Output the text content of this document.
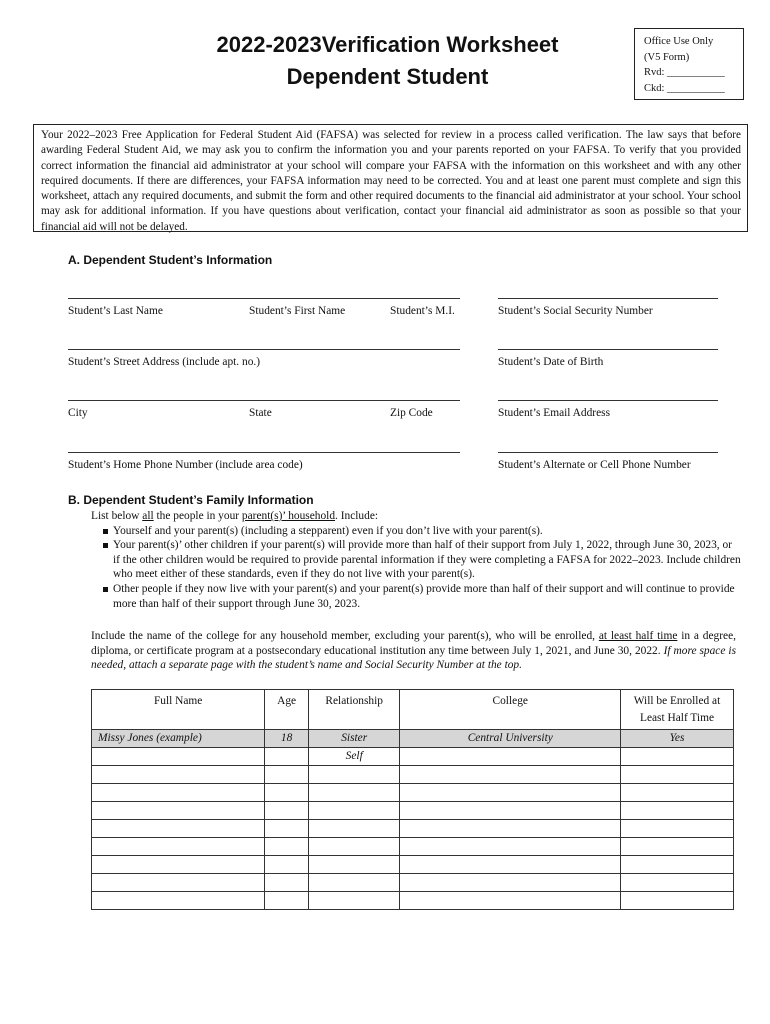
2022-2023Verification Worksheet
Dependent Student
Office Use Only
(V5 Form)
Rvd: ___________
Ckd: ___________
Your 2022–2023 Free Application for Federal Student Aid (FAFSA) was selected for review in a process called verification. The law says that before awarding Federal Student Aid, we may ask you to confirm the information you and your parents reported on your FAFSA. To verify that you provided correct information the financial aid administrator at your school will compare your FAFSA with the information on this worksheet and with any other required documents. If there are differences, your FAFSA information may need to be corrected. You and at least one parent must complete and sign this worksheet, attach any required documents, and submit the form and other required documents to the financial aid administrator at your school. Your school may ask for additional information. If you have questions about verification, contact your financial aid administrator as soon as possible so that your financial aid will not be delayed.
A. Dependent Student’s Information
Student’s Last Name	Student’s First Name	Student’s M.I.	Student’s Social Security Number
Student’s Street Address (include apt. no.)	Student’s Date of Birth
City	State	Zip Code	Student’s Email Address
Student’s Home Phone Number (include area code)	Student’s Alternate or Cell Phone Number
B. Dependent Student’s Family Information
List below all the people in your parent(s)’ household. Include:
Yourself and your parent(s) (including a stepparent) even if you don’t live with your parent(s).
Your parent(s)’ other children if your parent(s) will provide more than half of their support from July 1, 2022, through June 30, 2023, or if the other children would be required to provide parental information if they were completing a FAFSA for 2022–2023. Include children who meet either of these standards, even if they do not live with your parent(s).
Other people if they now live with your parent(s) and your parent(s) provide more than half of their support and will continue to provide more than half of their support through June 30, 2023.
Include the name of the college for any household member, excluding your parent(s), who will be enrolled, at least half time in a degree, diploma, or certificate program at a postsecondary educational institution any time between July 1, 2021, and June 30, 2022. If more space is needed, attach a separate page with the student’s name and Social Security Number at the top.
Full Name	Age	Relationship	College	Will be Enrolled at Least Half Time
Missy Jones (example)	18	Sister	Central University	Yes
		Self		
